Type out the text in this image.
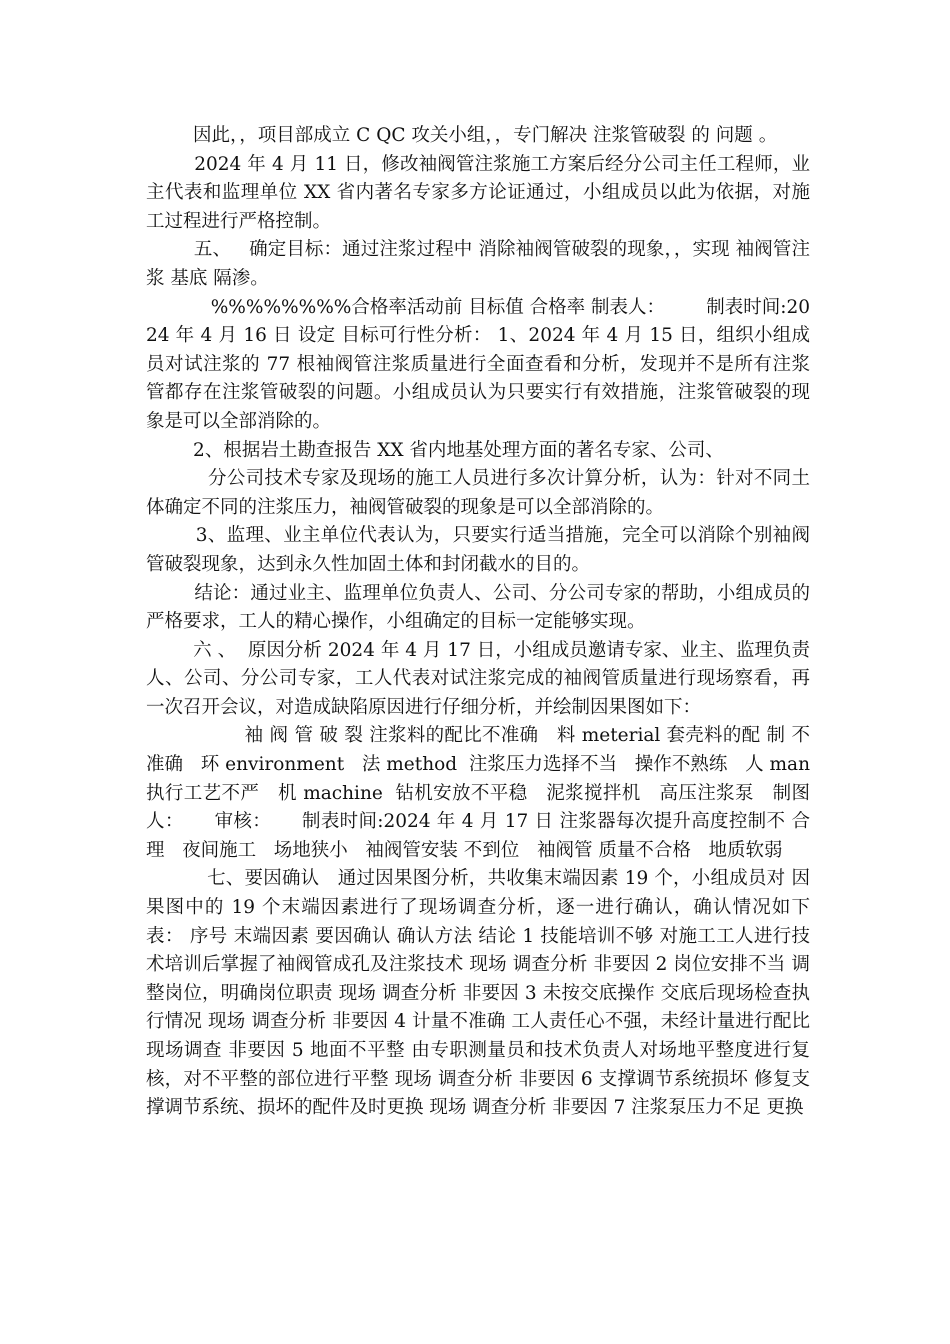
因此，，项目部成立 C QC 攻关小组，，专门解决 注浆管破裂 的 问题 。

2024 年 4 月 11 日，修改袖阀管注浆施工方案后经分公司主任工程师，业主代表和监理单位 XX 省内著名专家多方论证通过，小组成员以此为依据，对施工过程进行严格控制。

五、   确定目标：通过注浆过程中 消除袖阀管破裂的现象，，实现 袖阀管注浆 基底 隔渗。

%%%%%%%%合格率活动前 目标值 合格率 制表人：       制表时间:2024 年 4 月 16 日 设定 目标可行性分析： 1、2024 年 4 月 15 日，组织小组成员对试注浆的 77 根袖阀管注浆质量进行全面查看和分析，发现并不是所有注浆管都存在注浆管破裂的问题。小组成员认为只要实行有效措施，注浆管破裂的现象是可以全部消除的。

2、根据岩土勘查报告 XX 省内地基处理方面的著名专家、公司、

分公司技术专家及现场的施工人员进行多次计算分析，认为：针对不同土体确定不同的注浆压力，袖阀管破裂的现象是可以全部消除的。

3、监理、业主单位代表认为，只要实行适当措施，完全可以消除个别袖阀管破裂现象，达到永久性加固土体和封闭截水的目的。

结论：通过业主、监理单位负责人、公司、分公司专家的帮助，小组成员的严格要求，工人的精心操作，小组确定的目标一定能够实现。

六 、  原因分析 2024 年 4 月 17 日，小组成员邀请专家、业主、监理负责人、公司、分公司专家，工人代表对试注浆完成的袖阀管质量进行现场察看，再一次召开会议，对造成缺陷原因进行仔细分析，并绘制因果图如下：

袖 阀 管 破 裂 注浆料的配比不准确   料 meterial 套壳料的配 制 不准确   环 environment   法 method  注浆压力选择不当   操作不熟练   人 man   执行工艺不严   机 machine  钻机安放不平稳   泥浆搅拌机   高压注浆泵   制图人：     审核：     制表时间:2024 年 4 月 17 日 注浆器每次提升高度控制不 合理   夜间施工   场地狭小   袖阀管安装 不到位   袖阀管 质量不合格   地质软弱

七、要因确认   通过因果图分析，共收集末端因素 19 个，小组成员对 因果图中的 19 个末端因素进行了现场调查分析，逐一进行确认，确认情况如下表： 序号 末端因素 要因确认 确认方法 结论 1 技能培训不够 对施工工人进行技术培训后掌握了袖阀管成孔及注浆技术 现场 调查分析 非要因 2 岗位安排不当 调整岗位，明确岗位职责 现场 调查分析 非要因 3 未按交底操作 交底后现场检查执行情况 现场 调查分析 非要因 4 计量不准确 工人责任心不强，未经计量进行配比 现场调查 非要因 5 地面不平整 由专职测量员和技术负责人对场地平整度进行复核，对不平整的部位进行平整 现场 调查分析 非要因 6 支撑调节系统损坏 修复支撑调节系统、损坏的配件及时更换 现场 调查分析 非要因 7 注浆泵压力不足 更换
